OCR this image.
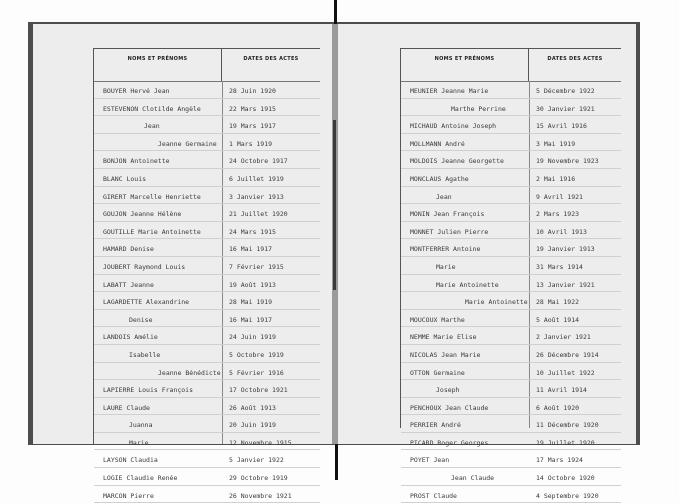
NOMS ET PRÉNOMS	DATES DES ACTES
BOUYER Hervé Jean	28 Juin 1920
ESTEVENON Clotilde Angèle	22 Mars 1915
Jean	19 Mars 1917
Jeanne Germaine	1 Mars 1919
BONJON Antoinette	24 Octobre 1917
BLANC Louis	6 Juillet 1919
GIRERT Marcelle Henriette	3 Janvier 1913
GOUJON Jeanne Hélène	21 Juillet 1920
GOUTILLE Marie Antoinette	24 Mars 1915
HAMARD Denise	16 Mai 1917
JOUBERT Raymond Louis	7 Février 1915
LABATT Jeanne	19 Août 1913
LAGARDETTE Alexandrine	28 Mai 1919
Denise	16 Mai 1917
LANDOIS Amélie	24 Juin 1919
Isabelle	5 Octobre 1919
Jeanne Bénédicte	5 Février 1916
LAPIERRE Louis François	17 Octobre 1921
LAURE Claude	26 Août 1913
Juanna	20 Juin 1919
Marie	12 Novembre 1915
LAYSON Claudia	5 Janvier 1922
LOGIE Claudie Renée	29 Octobre 1919
MARCON Pierre	26 Novembre 1921
NOMS ET PRÉNOMS	DATES DES ACTES
MEUNIER Jeanne Marie	5 Décembre 1922
Marthe Perrine	30 Janvier 1921
MICHAUD Antoine Joseph	15 Avril 1916
MOLLMANN André	3 Mai 1919
MOLDOIS Jeanne Georgette	19 Novembre 1923
MONCLAUS Agathe	2 Mai 1916
Jean	9 Avril 1921
MONIN Jean François	2 Mars 1923
MONNET Julien Pierre	10 Avril 1913
MONTFERRER Antoine	19 Janvier 1913
Marie	31 Mars 1914
Marie Antoinette	13 Janvier 1921
Marie Antoinette	28 Mai 1922
MOUCOUX Marthe	5 Août 1914
NEMME Marie Elise	2 Janvier 1921
NICOLAS Jean Marie	26 Décembre 1914
OTTON Germaine	10 Juillet 1922
Joseph	11 Avril 1914
PENCHOUX Jean Claude	6 Août 1920
PERRIER André	11 Décembre 1920
PICARD Roger Georges	19 Juillet 1920
POYET Jean	17 Mars 1924
Jean Claude	14 Octobre 1920
PROST Claude	4 Septembre 1920
